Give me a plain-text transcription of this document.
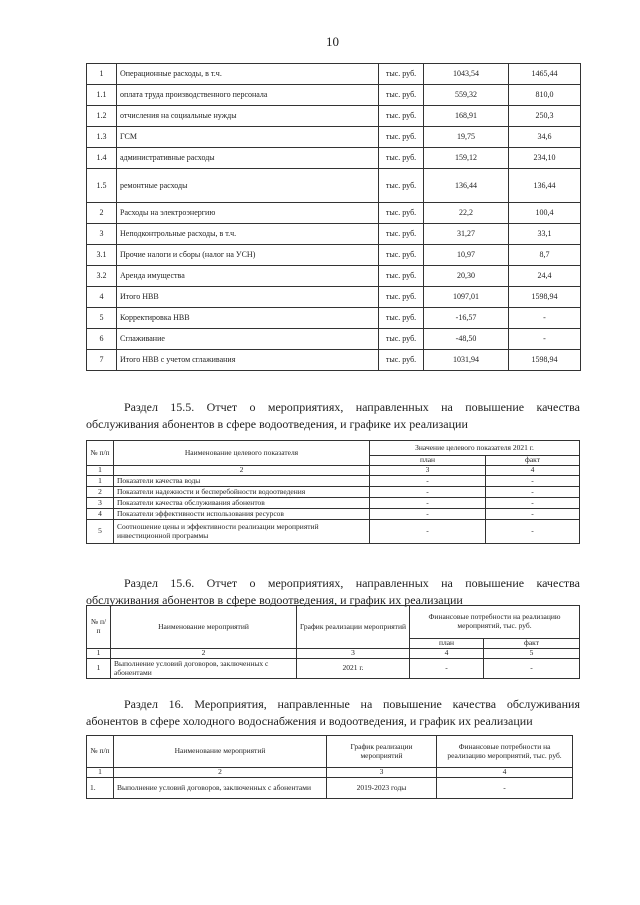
10
1	Операционные расходы, в т.ч.	тыс. руб.	1043,54	1465,44
1.1	оплата труда производственного персонала	тыс. руб.	559,32	810,0
1.2	отчисления на социальные нужды	тыс. руб.	168,91	250,3
1.3	ГСМ	тыс. руб.	19,75	34,6
1.4	административные расходы	тыс. руб.	159,12	234,10
1.5	ремонтные расходы	тыс. руб.	136,44	136,44
2	Расходы на электроэнергию	тыс. руб.	22,2	100,4
3	Неподконтрольные расходы, в т.ч.	тыс. руб.	31,27	33,1
3.1	Прочие налоги и сборы (налог на УСН)	тыс. руб.	10,97	8,7
3.2	Аренда имущества	тыс. руб.	20,30	24,4
4	Итого НВВ	тыс. руб.	1097,01	1598,94
5	Корректировка НВВ	тыс. руб.	-16,57	-
6	Сглаживание	тыс. руб.	-48,50	-
7	Итого НВВ с учетом сглаживания	тыс. руб.	1031,94	1598,94
Раздел 15.5. Отчет о мероприятиях, направленных на повышение качества обслуживания абонентов в сфере водоотведения, и графике их реализации
№ п/п	Наименование целевого показателя	Значение целевого показателя 2021 г.	
		план	факт
1	2	3	4
1	Показатели качества воды	-	-
2	Показатели надежности и бесперебойности водоотведения	-	-
3	Показатели качества обслуживания абонентов	-	-
4	Показатели эффективности использования ресурсов	-	-
5	Соотношение цены и эффективности реализации мероприятий инвестиционной программы	-	-
Раздел 15.6. Отчет о мероприятиях, направленных на повышение качества обслуживания абонентов в сфере водоотведения, и график их реализации
№ п/п	Наименование мероприятий	График реализации мероприятий	Финансовые потребности на реализацию мероприятий, тыс. руб.	
			план	факт
1	2	3	4	5
1	Выполнение условий договоров, заключенных с абонентами	2021 г.	-	-
Раздел 16. Мероприятия, направленные на повышение качества обслуживания абонентов в сфере холодного водоснабжения и водоотведения, и график их реализации
№ п/п	Наименование мероприятий	График реализации мероприятий	Финансовые потребности на реализацию мероприятий, тыс. руб.
1	2	3	4
1.	Выполнение условий договоров, заключенных с абонентами	2019-2023 годы	-
